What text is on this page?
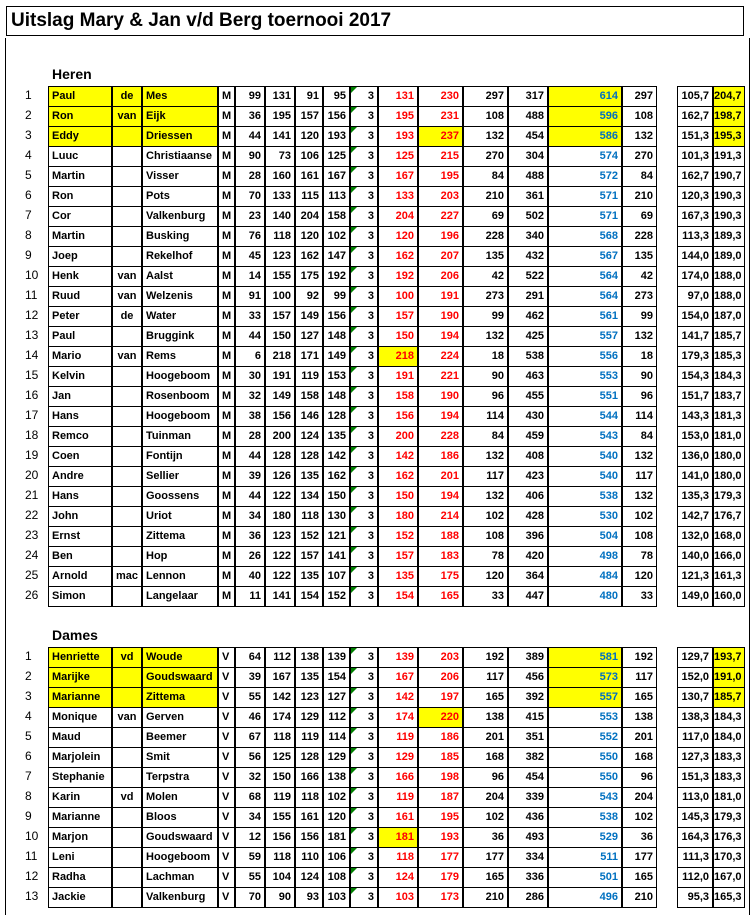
Uitslag Mary & Jan v/d Berg toernooi 2017
Heren
Dames
1	Paul	de	Mes	M	99	131	91	95	3	131	230	297	317	614	297	105,7 204,7
2	Ron	van Eijk	M	36	195 157 156	3	195	231	108	488	596	108	162,7 198,7
3	Eddy	Driessen	M	44	141 120 193	3	193	237	132	454	586	132	151,3 195,3
4	Luuc	Christiaanse M	90	73 106 125	3	125	215	270	304	574	270	101,3 191,3
5	Martin	Visser	M	28	160 161 167	3	167	195	84	488	572	84	162,7 190,7
6	Ron	Pots	M	70	133 115 113	3	133	203	210	361	571	210	120,3 190,3
7	Cor	Valkenburg	M	23	140 204 158	3	204	227	69	502	571	69	167,3 190,3
8	Martin	Busking	M	76	118 120 102	3	120	196	228	340	568	228	113,3 189,3
9	Joep	Rekelhof	M	45	123 162 147	3	162	207	135	432	567	135	144,0 189,0
10	Henk	van Aalst	M	14	155 175 192	3	192	206	42	522	564	42	174,0 188,0
11	Ruud	van Welzenis	M	91	100	92	99	3	100	191	273	291	564	273	97,0 188,0
12	Peter	de	Water	M	33	157 149 156	3	157	190	99	462	561	99	154,0 187,0
13	Paul	Bruggink	M	44	150 127 148	3	150	194	132	425	557	132	141,7 185,7
14	Mario	van Rems	M	6	218 171 149	3	218	224	18	538	556	18	179,3 185,3
15	Kelvin	Hoogeboom	M	30	191 119 153	3	191	221	90	463	553	90	154,3 184,3
16	Jan	Rosenboom	M	32	149 158 148	3	158	190	96	455	551	96	151,7 183,7
17	Hans	Hoogeboom	M	38	156 146 128	3	156	194	114	430	544	114	143,3 181,3
18	Remco	Tuinman	M	28	200 124 135	3	200	228	84	459	543	84	153,0 181,0
19	Coen	Fontijn	M	44	128 128 142	3	142	186	132	408	540	132	136,0 180,0
20	Andre	Sellier	M	39	126 135 162	3	162	201	117	423	540	117	141,0 180,0
21	Hans	Goossens	M	44	122 134 150	3	150	194	132	406	538	132	135,3 179,3
22	John	Uriot	M	34	180 118 130	3	180	214	102	428	530	102	142,7 176,7
23	Ernst	Zittema	M	36	123 152 121	3	152	188	108	396	504	108	132,0 168,0
24	Ben	Hop	M	26	122 157 141	3	157	183	78	420	498	78	140,0 166,0
25	Arnold	mac Lennon	M	40	122 135 107	3	135	175	120	364	484	120	121,3 161,3
26	Simon	Langelaar	M	11	141 154 152	3	154	165	33	447	480	33	149,0 160,0
1	Henriette	vd	Woude	V	64	112 138 139	3	139	203	192	389	581	192	129,7 193,7
2	Marijke	Goudswaard V	39	167 135 154	3	167	206	117	456	573	117	152,0 191,0
3	Marianne	Zittema	V	55	142 123 127	3	142	197	165	392	557	165	130,7 185,7
4	Monique	van Gerven	V	46	174 129 112	3	174	220	138	415	553	138	138,3 184,3
5	Maud	Beemer	V	67	118 119 114	3	119	186	201	351	552	201	117,0 184,0
6	Marjolein	Smit	V	56	125 128 129	3	129	185	168	382	550	168	127,3 183,3
7	Stephanie	Terpstra	V	32	150 166 138	3	166	198	96	454	550	96	151,3 183,3
8	Karin	vd	Molen	V	68	119 118 102	3	119	187	204	339	543	204	113,0 181,0
9	Marianne	Bloos	V	34	155 161 120	3	161	195	102	436	538	102	145,3 179,3
10	Marjon	Goudswaard V	12	156 156 181	3	181	193	36	493	529	36	164,3 176,3
11	Leni	Hoogeboom	V	59	118 110 106	3	118	177	177	334	511	177	111,3 170,3
12	Radha	Lachman	V	55	104 124 108	3	124	179	165	336	501	165	112,0 167,0
13	Jackie	Valkenburg	V	70	90	93 103	3	103	173	210	286	496	210	95,3 165,3
